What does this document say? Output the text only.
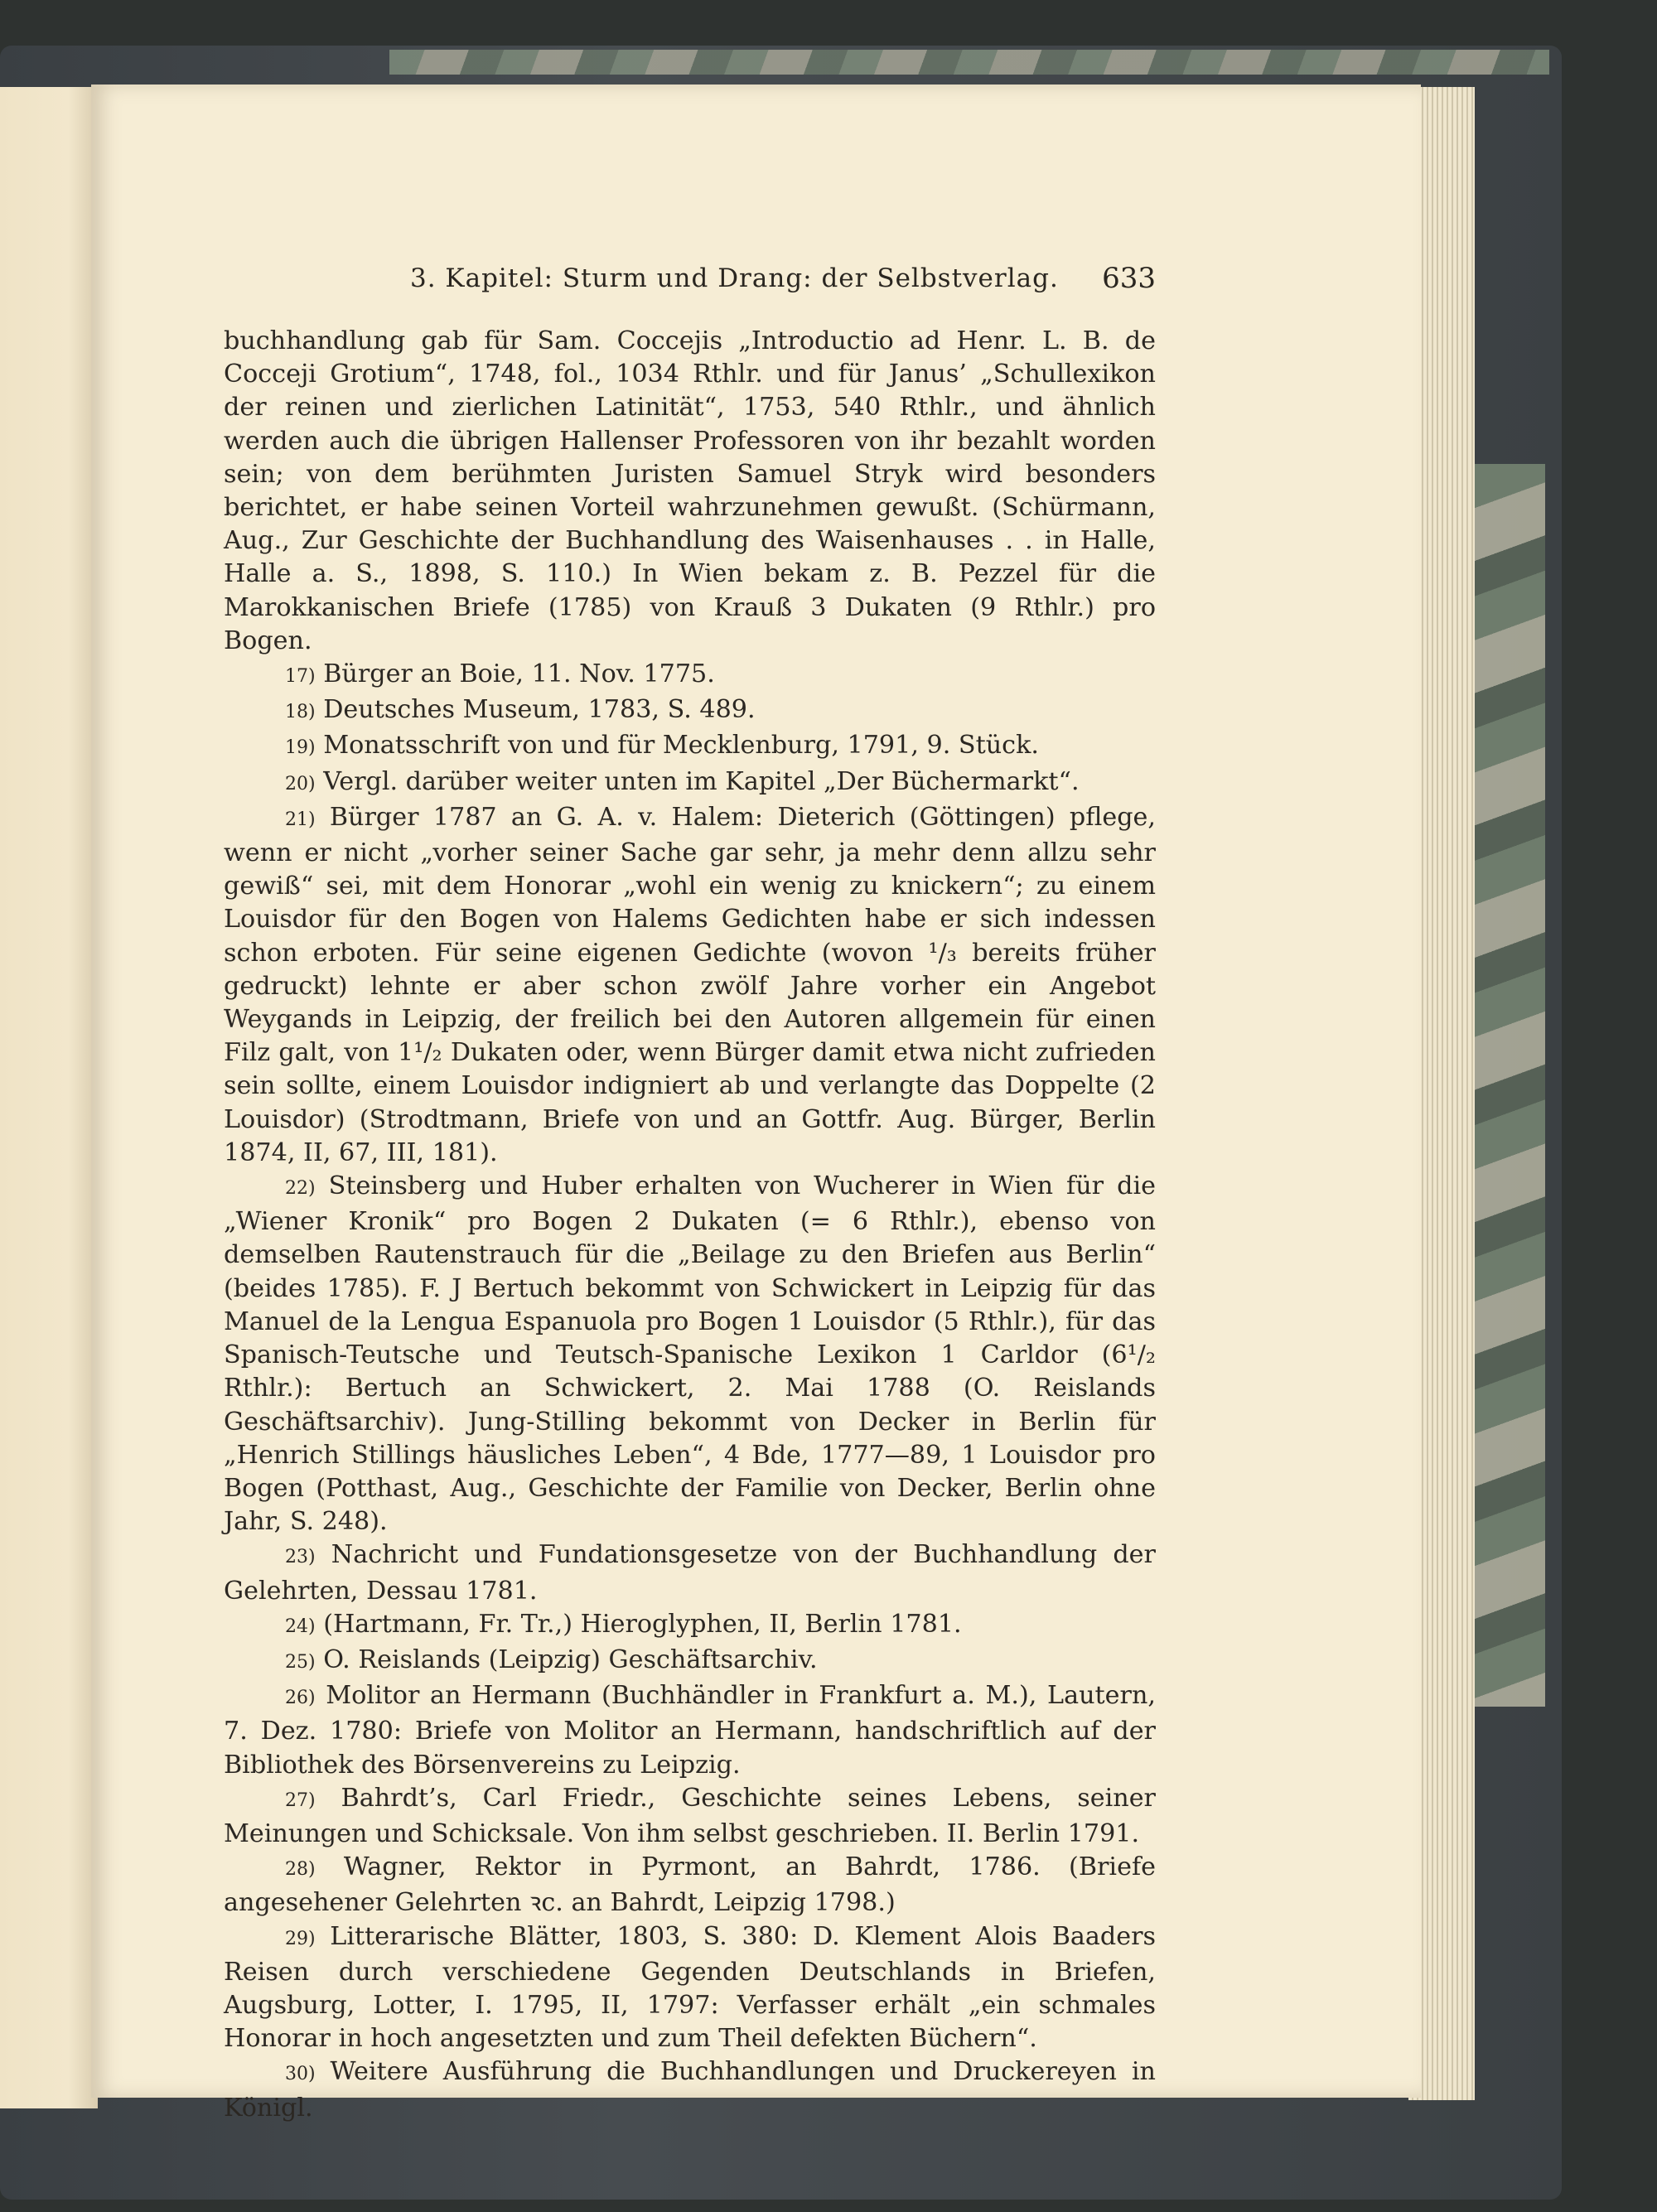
3. Kapitel: Sturm und Drang: der Selbstverlag.	633

buchhandlung gab für Sam. Coccejis „Introductio ad Henr. L. B. de Cocceji Grotium“, 1748, fol., 1034 Rthlr. und für Janus’ „Schullexikon der reinen und zierlichen Latinität“, 1753, 540 Rthlr., und ähnlich werden auch die übrigen Hallenser Professoren von ihr bezahlt worden sein; von dem berühmten Juristen Samuel Stryk wird besonders berichtet, er habe seinen Vorteil wahrzunehmen gewußt. (Schürmann, Aug., Zur Geschichte der Buchhandlung des Waisenhauses . . in Halle, Halle a. S., 1898, S. 110.) In Wien bekam z. B. Pezzel für die Marokkanischen Briefe (1785) von Krauß 3 Dukaten (9 Rthlr.) pro Bogen.

17) Bürger an Boie, 11. Nov. 1775.

18) Deutsches Museum, 1783, S. 489.

19) Monatsschrift von und für Mecklenburg, 1791, 9. Stück.

20) Vergl. darüber weiter unten im Kapitel „Der Büchermarkt“.

21) Bürger 1787 an G. A. v. Halem: Dieterich (Göttingen) pflege, wenn er nicht „vorher seiner Sache gar sehr, ja mehr denn allzu sehr gewiß“ sei, mit dem Honorar „wohl ein wenig zu knickern“; zu einem Louisdor für den Bogen von Halems Gedichten habe er sich indessen schon erboten. Für seine eigenen Gedichte (wovon ¹/₃ bereits früher gedruckt) lehnte er aber schon zwölf Jahre vorher ein Angebot Weygands in Leipzig, der freilich bei den Autoren allgemein für einen Filz galt, von 1¹/₂ Dukaten oder, wenn Bürger damit etwa nicht zufrieden sein sollte, einem Louisdor indigniert ab und verlangte das Doppelte (2 Louisdor) (Strodtmann, Briefe von und an Gottfr. Aug. Bürger, Berlin 1874, II, 67, III, 181).

22) Steinsberg und Huber erhalten von Wucherer in Wien für die „Wiener Kronik“ pro Bogen 2 Dukaten (= 6 Rthlr.), ebenso von demselben Rautenstrauch für die „Beilage zu den Briefen aus Berlin“ (beides 1785). F. J Bertuch bekommt von Schwickert in Leipzig für das Manuel de la Lengua Espanuola pro Bogen 1 Louisdor (5 Rthlr.), für das Spanisch-Teutsche und Teutsch-Spanische Lexikon 1 Carldor (6¹/₂ Rthlr.): Bertuch an Schwickert, 2. Mai 1788 (O. Reislands Geschäftsarchiv). Jung-Stilling bekommt von Decker in Berlin für „Henrich Stillings häusliches Leben“, 4 Bde, 1777—89, 1 Louisdor pro Bogen (Potthast, Aug., Geschichte der Familie von Decker, Berlin ohne Jahr, S. 248).

23) Nachricht und Fundationsgesetze von der Buchhandlung der Gelehrten, Dessau 1781.

24) (Hartmann, Fr. Tr.,) Hieroglyphen, II, Berlin 1781.

25) O. Reislands (Leipzig) Geschäftsarchiv.

26) Molitor an Hermann (Buchhändler in Frankfurt a. M.), Lautern, 7. Dez. 1780: Briefe von Molitor an Hermann, handschriftlich auf der Bibliothek des Börsenvereins zu Leipzig.

27) Bahrdt’s, Carl Friedr., Geschichte seines Lebens, seiner Meinungen und Schicksale. Von ihm selbst geschrieben. II. Berlin 1791.

28) Wagner, Rektor in Pyrmont, an Bahrdt, 1786. (Briefe angesehener Gelehrten ꝛc. an Bahrdt, Leipzig 1798.)

29) Litterarische Blätter, 1803, S. 380: D. Klement Alois Baaders Reisen durch verschiedene Gegenden Deutschlands in Briefen, Augsburg, Lotter, I. 1795, II, 1797: Verfasser erhält „ein schmales Honorar in hoch angesetzten und zum Theil defekten Büchern“.

30) Weitere Ausführung die Buchhandlungen und Druckereyen in Königl.
